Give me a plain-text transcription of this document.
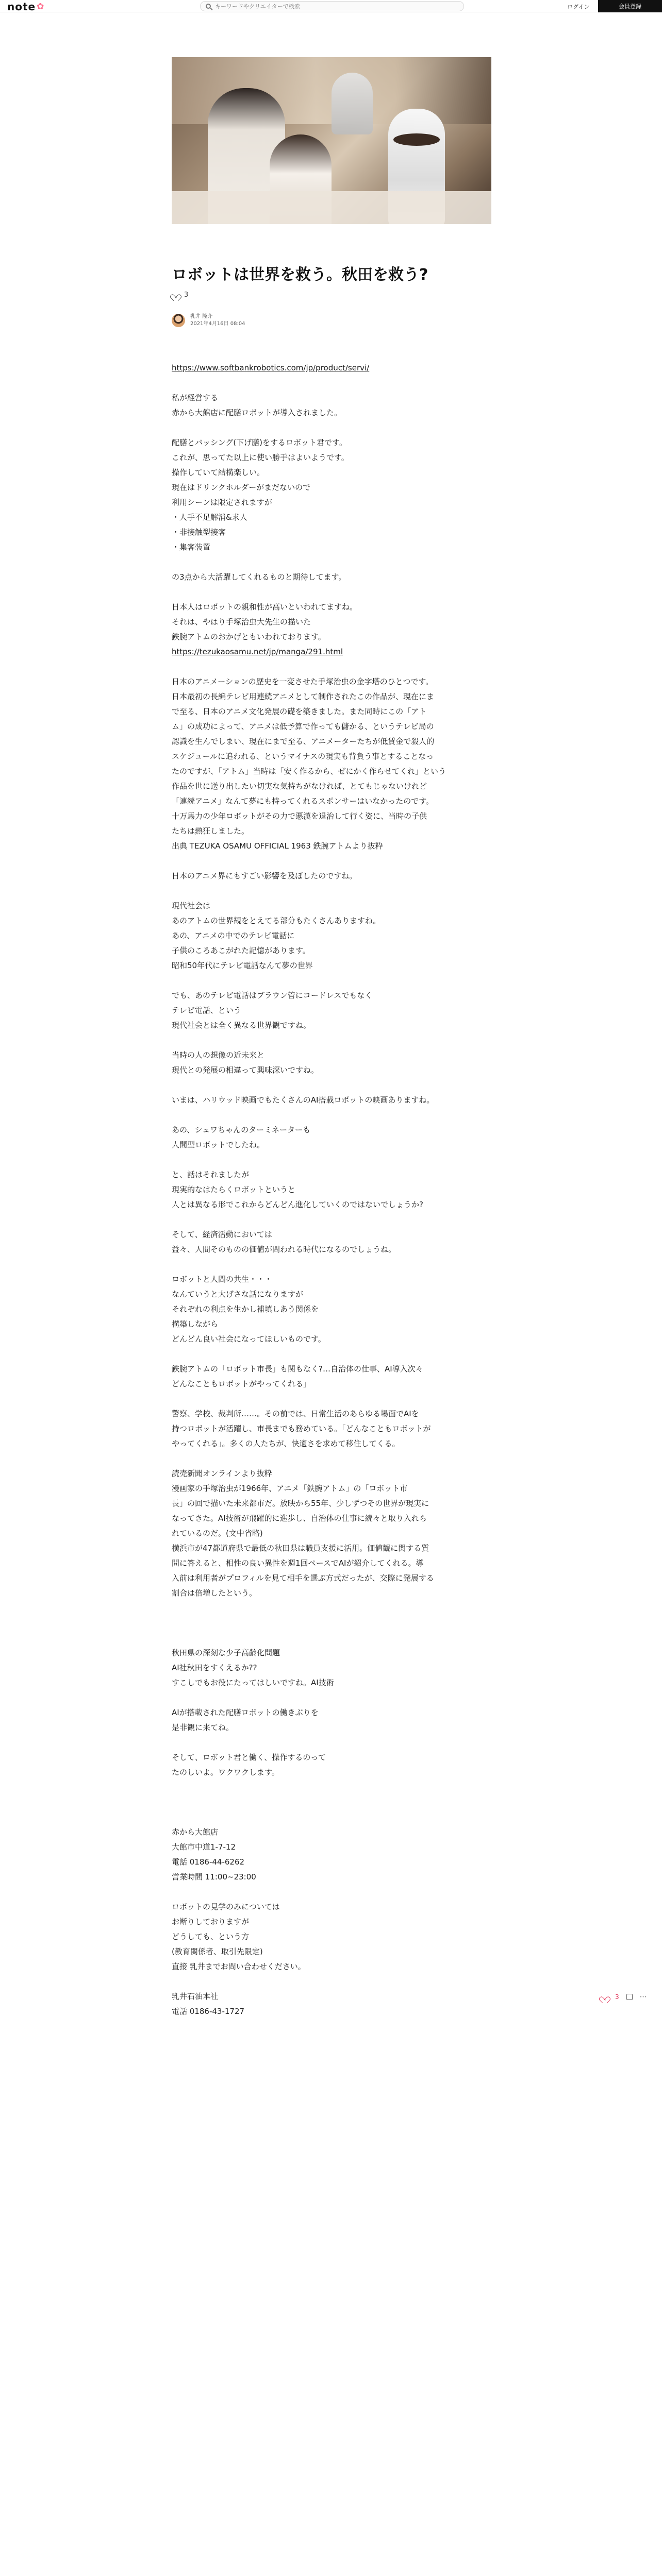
note ✿
キーワードやクリエイターで検索	ログイン	会員登録
ロボットは世界を救う。秋田を救う?
3
乳井 隆介
2021年4月16日 08:04

https://www.softbankrobotics.com/jp/product/servi/

私が経営する
赤から大館店に配膳ロボットが導入されました。

配膳とバッシング(下げ膳)をするロボット君です。
これが、思ってた以上に使い勝手はよいようです。
操作していて結構楽しい。
現在はドリンクホルダーがまだないので
利用シーンは限定されますが
・人手不足解消&求人
・非接触型接客
・集客装置

の3点から大活躍してくれるものと期待してます。

日本人はロボットの親和性が高いといわれてますね。
それは、やはり手塚治虫大先生の描いた
鉄腕アトムのおかげともいわれております。
https://tezukaosamu.net/jp/manga/291.html

日本のアニメーションの歴史を一変させた手塚治虫の金字塔のひとつです。
日本最初の長編テレビ用連続アニメとして制作されたこの作品が、現在にま
で至る、日本のアニメ文化発展の礎を築きました。また同時にこの「アト
ム」の成功によって、アニメは低予算で作っても儲かる、というテレビ局の
認識を生んでしまい、現在にまで至る、アニメーターたちが低賃金で殺人的
スケジュールに追われる、というマイナスの現実も背負う事とすることなっ
たのですが、「アトム」当時は「安く作るから、ぜにかく作らせてくれ」という
作品を世に送り出したい切実な気持ちがなければ、とてもじゃないけれど
「連続アニメ」なんて夢にも持ってくれるスポンサーはいなかったのです。
十万馬力の少年ロボットがその力で悪漢を退治して行く姿に、当時の子供
たちは熱狂しました。
出典 TEZUKA OSAMU OFFICIAL 1963 鉄腕アトムより抜粋

日本のアニメ界にもすごい影響を及ぼしたのですね。

現代社会は
あのアトムの世界観をとえてる部分もたくさんありますね。
あの、アニメの中でのテレビ電話に
子供のころあこがれた記憶があります。
昭和50年代にテレビ電話なんて夢の世界

でも、あのテレビ電話はブラウン管にコードレスでもなく
テレビ電話、という
現代社会とは全く異なる世界観ですね。

当時の人の想像の近未来と
現代との発展の相違って興味深いですね。

いまは、ハリウッド映画でもたくさんのAI搭載ロボットの映画ありますね。

あの、シュワちゃんのターミネーターも
人間型ロボットでしたね。

と、話はそれましたが
現実的なはたらくロボットというと
人とは異なる形でこれからどんどん進化していくのではないでしょうか?

そして、経済活動においては
益々、人間そのものの価値が問われる時代になるのでしょうね。

ロボットと人間の共生・・・
なんていうと大げさな話になりますが
それぞれの利点を生かし補填しあう関係を
構築しながら
どんどん良い社会になってほしいものです。

鉄腕アトムの「ロボット市長」も関もなく?…自治体の仕事、AI導入次々
どんなこともロボットがやってくれる」

警察、学校、裁判所……。その前では、日常生活のあらゆる場面でAIを
持つロボットが活躍し、市長までも務めている。「どんなこともロボットが
やってくれる」。多くの人たちが、快適さを求めて移住してくる。

読売新聞オンラインより抜粋
漫画家の手塚治虫が1966年、アニメ「鉄腕アトム」の「ロボット市
長」の回で描いた未来都市だ。放映から55年、少しずつその世界が現実に
なってきた。AI技術が飛躍的に進歩し、自治体の仕事に続々と取り入れら
れているのだ。(文中省略)
横浜市が47都道府県で最低の秋田県は職員支援に活用。価値観に関する質
問に答えると、相性の良い異性を週1回ペースでAIが紹介してくれる。導
入前は利用者がプロフィルを見て相手を選ぶ方式だったが、交際に発展する
割合は倍増したという。

秋田県の深刻な少子高齢化問題
AI社秋田をすくえるか??
すこしでもお役にたってはしいですね。AI技術

AIが搭載された配膳ロボットの働きぶりを
是非観に来てね。

そして、ロボット君と働く、操作するのって
たのしいよ。ワクワクします。

赤から大館店
大館市中道1-7-12
電話 0186-44-6262
営業時間 11:00~23:00

ロボットの見学のみについては
お断りしておりますが
どうしても、という方
(教育関係者、取引先限定)
直接 乳井までお問い合わせください。

乳井石油本社
電話 0186-43-1727

3	⋯
